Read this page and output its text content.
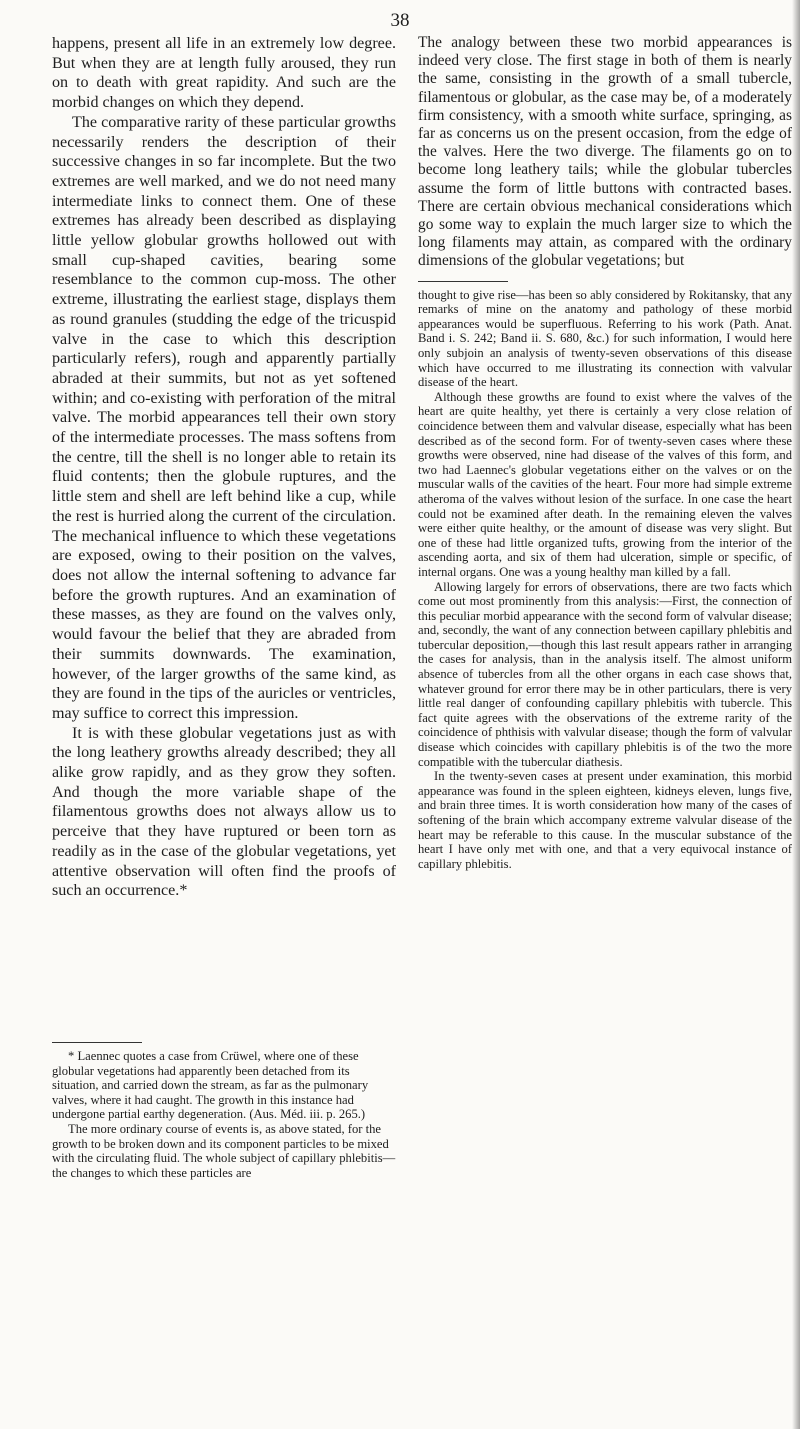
38

happens, present all life in an extremely low degree. But when they are at length fully aroused, they run on to death with great rapidity. And such are the morbid changes on which they depend.

The comparative rarity of these particular growths necessarily renders the description of their successive changes in so far incomplete. But the two extremes are well marked, and we do not need many intermediate links to connect them. One of these extremes has already been described as displaying little yellow globular growths hollowed out with small cup-shaped cavities, bearing some resemblance to the common cup-moss. The other extreme, illustrating the earliest stage, displays them as round granules (studding the edge of the tricuspid valve in the case to which this description particularly refers), rough and apparently partially abraded at their summits, but not as yet softened within; and co-existing with perforation of the mitral valve. The morbid appearances tell their own story of the intermediate processes. The mass softens from the centre, till the shell is no longer able to retain its fluid contents; then the globule ruptures, and the little stem and shell are left behind like a cup, while the rest is hurried along the current of the circulation. The mechanical influence to which these vegetations are exposed, owing to their position on the valves, does not allow the internal softening to advance far before the growth ruptures. And an examination of these masses, as they are found on the valves only, would favour the belief that they are abraded from their summits downwards. The examination, however, of the larger growths of the same kind, as they are found in the tips of the auricles or ventricles, may suffice to correct this impression.

It is with these globular vegetations just as with the long leathery growths already described; they all alike grow rapidly, and as they grow they soften. And though the more variable shape of the filamentous growths does not always allow us to perceive that they have ruptured or been torn as readily as in the case of the globular vegetations, yet attentive observation will often find the proofs of such an occurrence.*

* Laennec quotes a case from Crüwel, where one of these globular vegetations had apparently been detached from its situation, and carried down the stream, as far as the pulmonary valves, where it had caught. The growth in this instance had undergone partial earthy degeneration. (Aus. Méd. iii. p. 265.)

The more ordinary course of events is, as above stated, for the growth to be broken down and its component particles to be mixed with the circulating fluid. The whole subject of capillary phlebitis—the changes to which these particles are

The analogy between these two morbid appearances is indeed very close. The first stage in both of them is nearly the same, consisting in the growth of a small tubercle, filamentous or globular, as the case may be, of a moderately firm consistency, with a smooth white surface, springing, as far as concerns us on the present occasion, from the edge of the valves. Here the two diverge. The filaments go on to become long leathery tails; while the globular tubercles assume the form of little buttons with contracted bases. There are certain obvious mechanical considerations which go some way to explain the much larger size to which the long filaments may attain, as compared with the ordinary dimensions of the globular vegetations; but

thought to give rise—has been so ably considered by Rokitansky, that any remarks of mine on the anatomy and pathology of these morbid appearances would be superfluous. Referring to his work (Path. Anat. Band i. S. 242; Band ii. S. 680, &c.) for such information, I would here only subjoin an analysis of twenty-seven observations of this disease which have occurred to me illustrating its connection with valvular disease of the heart.

Although these growths are found to exist where the valves of the heart are quite healthy, yet there is certainly a very close relation of coincidence between them and valvular disease, especially what has been described as of the second form. For of twenty-seven cases where these growths were observed, nine had disease of the valves of this form, and two had Laennec's globular vegetations either on the valves or on the muscular walls of the cavities of the heart. Four more had simple extreme atheroma of the valves without lesion of the surface. In one case the heart could not be examined after death. In the remaining eleven the valves were either quite healthy, or the amount of disease was very slight. But one of these had little organized tufts, growing from the interior of the ascending aorta, and six of them had ulceration, simple or specific, of internal organs. One was a young healthy man killed by a fall.

Allowing largely for errors of observations, there are two facts which come out most prominently from this analysis:—First, the connection of this peculiar morbid appearance with the second form of valvular disease; and, secondly, the want of any connection between capillary phlebitis and tubercular deposition,—though this last result appears rather in arranging the cases for analysis, than in the analysis itself. The almost uniform absence of tubercles from all the other organs in each case shows that, whatever ground for error there may be in other particulars, there is very little real danger of confounding capillary phlebitis with tubercle. This fact quite agrees with the observations of the extreme rarity of the coincidence of phthisis with valvular disease; though the form of valvular disease which coincides with capillary phlebitis is of the two the more compatible with the tubercular diathesis.

In the twenty-seven cases at present under examination, this morbid appearance was found in the spleen eighteen, kidneys eleven, lungs five, and brain three times. It is worth consideration how many of the cases of softening of the brain which accompany extreme valvular disease of the heart may be referable to this cause. In the muscular substance of the heart I have only met with one, and that a very equivocal instance of capillary phlebitis.
